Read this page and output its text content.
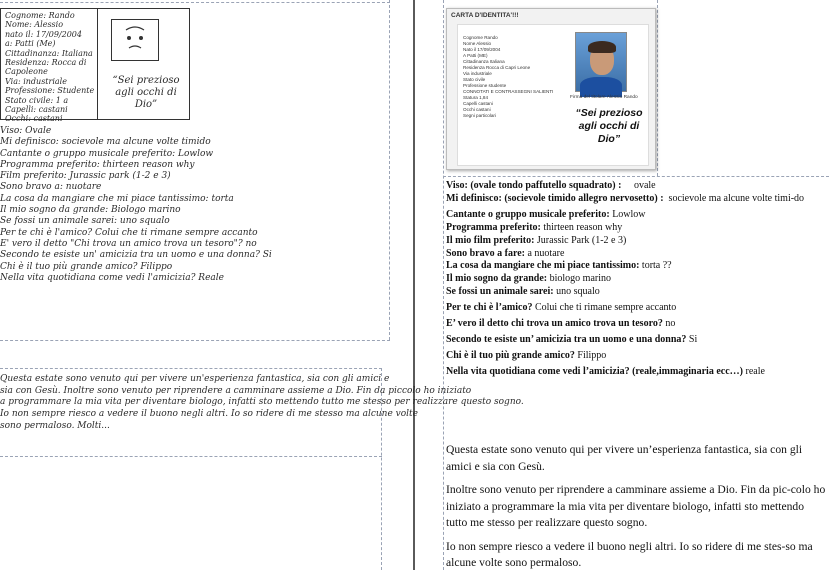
Cognome: Rando
Nome: Alessio
nato il: 17/09/2004
a: Patti (Me)
Cittadinanza: Italiana
Residenza: Rocca di
Capoleone
Via: industriale
Professione: Studente
Stato civile: 1 a
Capelli: castani
Occhi: castani
“Sei prezioso agli occhi di Dio”
Viso: Ovale
Mi definisco: socievole ma alcune volte timido
Cantante o gruppo musicale preferito: Lowlow
Programma preferito: thirteen reason why
Film preferito: Jurassic park (1-2 e 3)
Sono bravo a: nuotare
La cosa da mangiare che mi piace tantissimo: torta
Il mio sogno da grande: Biologo marino
Se fossi un animale sarei: uno squalo
Per te chi è l'amico? Colui che ti rimane sempre accanto
E' vero il detto "Chi trova un amico trova un tesoro"? no
Secondo te esiste un' amicizia tra un uomo e una donna? Si
Chi è il tuo più grande amico? Filippo
Nella vita quotidiana come vedi l'amicizia? Reale
Questa estate sono venuto qui per vivere un'esperienza fantastica, sia con gli amici e
sia con Gesù. Inoltre sono venuto per riprendere a camminare assieme a Dio. Fin da piccolo ho iniziato
a programmare la mia vita per diventare biologo, infatti sto mettendo tutto me stesso per realizzare questo sogno.
Io non sempre riesco a vedere il buono negli altri. Io so ridere di me stesso ma alcune volte
sono permaloso. Molti...
CARTA D'IDENTITA'!!!
Cognome Rando
Nome Alessio
Nato il 17/09/2004
A Patti (ME)
Cittadinanza Italiana
Residenza Rocca di Capri Leone
Via industriale
Stato civile
Professione studente
CONNOTATI E CONTRASSEGNI SALIENTI
Statura 1,84
Capelli castani
Occhi castani
Segni particolari
Firma del titolare Alessio Rando
“Sei prezioso agli occhi di Dio”
Viso: (ovale tondo paffutello squadrato) : ovale
Mi definisco: (socievole timido allegro nervosetto) : socievole ma alcune volte timi-do
Cantante o gruppo musicale preferito: Lowlow
Programma preferito: thirteen reason why
Il mio film preferito: Jurassic Park (1-2 e 3)
Sono bravo a fare: a nuotare
La cosa da mangiare che mi piace tantissimo: torta ??
Il mio sogno da grande: biologo marino
Se fossi un animale sarei: uno squalo
Per te chi è l’amico? Colui che ti rimane sempre accanto
E’ vero il detto chi trova un amico trova un tesoro? no
Secondo te esiste un’ amicizia tra un uomo e una donna? Si
Chi è il tuo più grande amico? Filippo
Nella vita quotidiana come vedi l’amicizia? (reale,immaginaria ecc…) reale

Questa estate sono venuto qui per vivere un’esperienza fantastica, sia con gli amici e sia con Gesù.

Inoltre sono venuto per riprendere a camminare assieme a Dio. Fin da pic-colo ho iniziato a programmare la mia vita per diventare biologo, infatti sto mettendo tutto me stesso per realizzare questo sogno.

Io non sempre riesco a vedere il buono negli altri. Io so ridere di me stes-so ma alcune volte sono permaloso.
